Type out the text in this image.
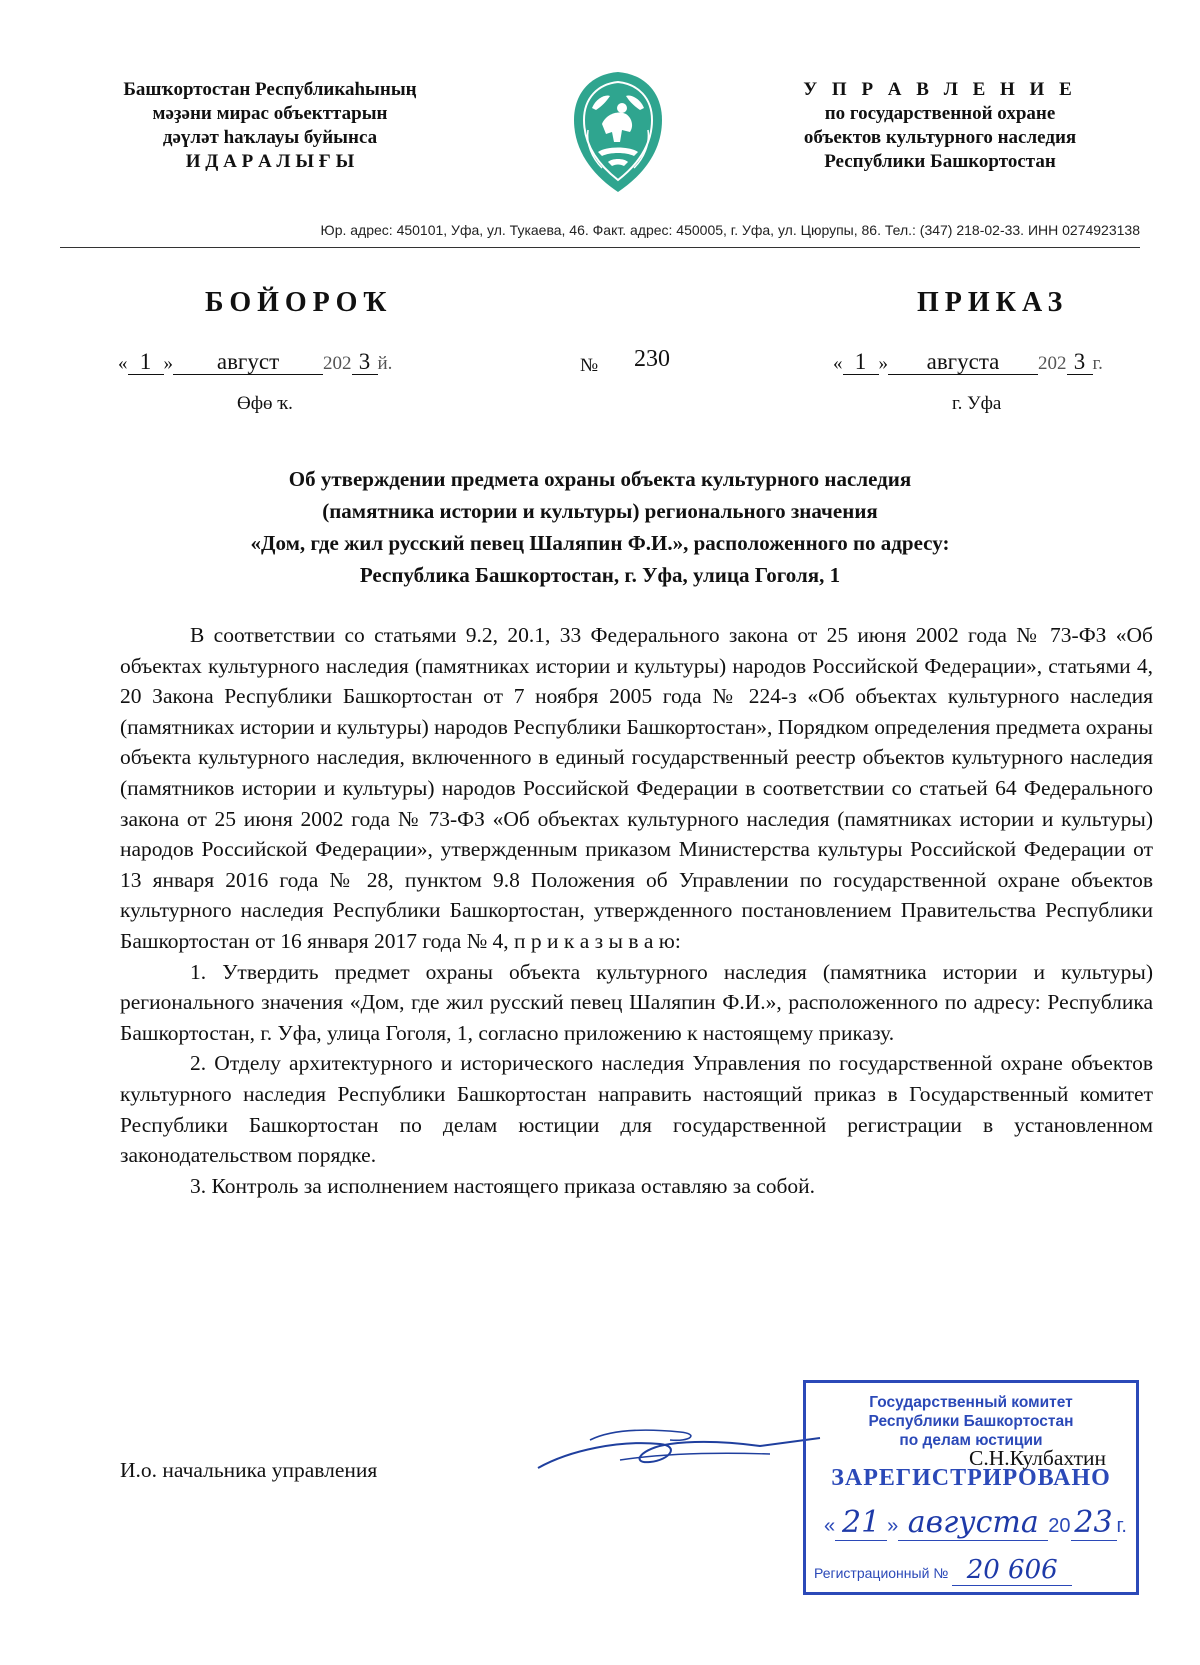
Башҡортостан Республикаһының
мәҙәни мирас объекттарын
дәүләт һаҡлауы буйынса
И Д А Р А Л Ы Ғ Ы
У П Р А В Л Е Н И Е
по государственной охране
объектов культурного наследия
Республики Башкортостан
Юр. адрес: 450101, Уфа, ул. Тукаева, 46. Факт. адрес: 450005, г. Уфа, ул. Цюрупы, 86. Тел.: (347) 218-02-33. ИНН 0274923138
БОЙОРОҠ	ПРИКАЗ
« 1 » август 202 3 й.	№ 230	« 1 » августа 202 3 г.
Өфө ҡ.	г. Уфа
Об утверждении предмета охраны объекта культурного наследия
(памятника истории и культуры) регионального значения
«Дом, где жил русский певец Шаляпин Ф.И.», расположенного по адресу:
Республика Башкортостан, г. Уфа, улица Гоголя, 1

В соответствии со статьями 9.2, 20.1, 33 Федерального закона от 25 июня 2002 года № 73-ФЗ «Об объектах культурного наследия (памятниках истории и культуры) народов Российской Федерации», статьями 4, 20 Закона Республики Башкортостан от 7 ноября 2005 года № 224-з «Об объектах культурного наследия (памятниках истории и культуры) народов Республики Башкортостан», Порядком определения предмета охраны объекта культурного наследия, включенного в единый государственный реестр объектов культурного наследия (памятников истории и культуры) народов Российской Федерации в соответствии со статьей 64 Федерального закона от 25 июня 2002 года № 73-ФЗ «Об объектах культурного наследия (памятниках истории и культуры) народов Российской Федерации», утвержденным приказом Министерства культуры Российской Федерации от 13 января 2016 года № 28, пунктом 9.8 Положения об Управлении по государственной охране объектов культурного наследия Республики Башкортостан, утвержденного постановлением Правительства Республики Башкортостан от 16 января 2017 года № 4, п р и к а з ы в а ю:

1. Утвердить предмет охраны объекта культурного наследия (памятника истории и культуры) регионального значения «Дом, где жил русский певец Шаляпин Ф.И.», расположенного по адресу: Республика Башкортостан, г. Уфа, улица Гоголя, 1, согласно приложению к настоящему приказу.

2. Отделу архитектурного и исторического наследия Управления по государственной охране объектов культурного наследия Республики Башкортостан направить настоящий приказ в Государственный комитет Республики Башкортостан по делам юстиции для государственной регистрации в установленном законодательством порядке.

3. Контроль за исполнением настоящего приказа оставляю за собой.

И.о. начальника управления	С.Н.Кулбахтин
Государственный комитет
Республики Башкортостан
по делам юстиции
ЗАРЕГИСТРИРОВАНО
« 21 » августа 20 23 г.
Регистрационный № 20 606
